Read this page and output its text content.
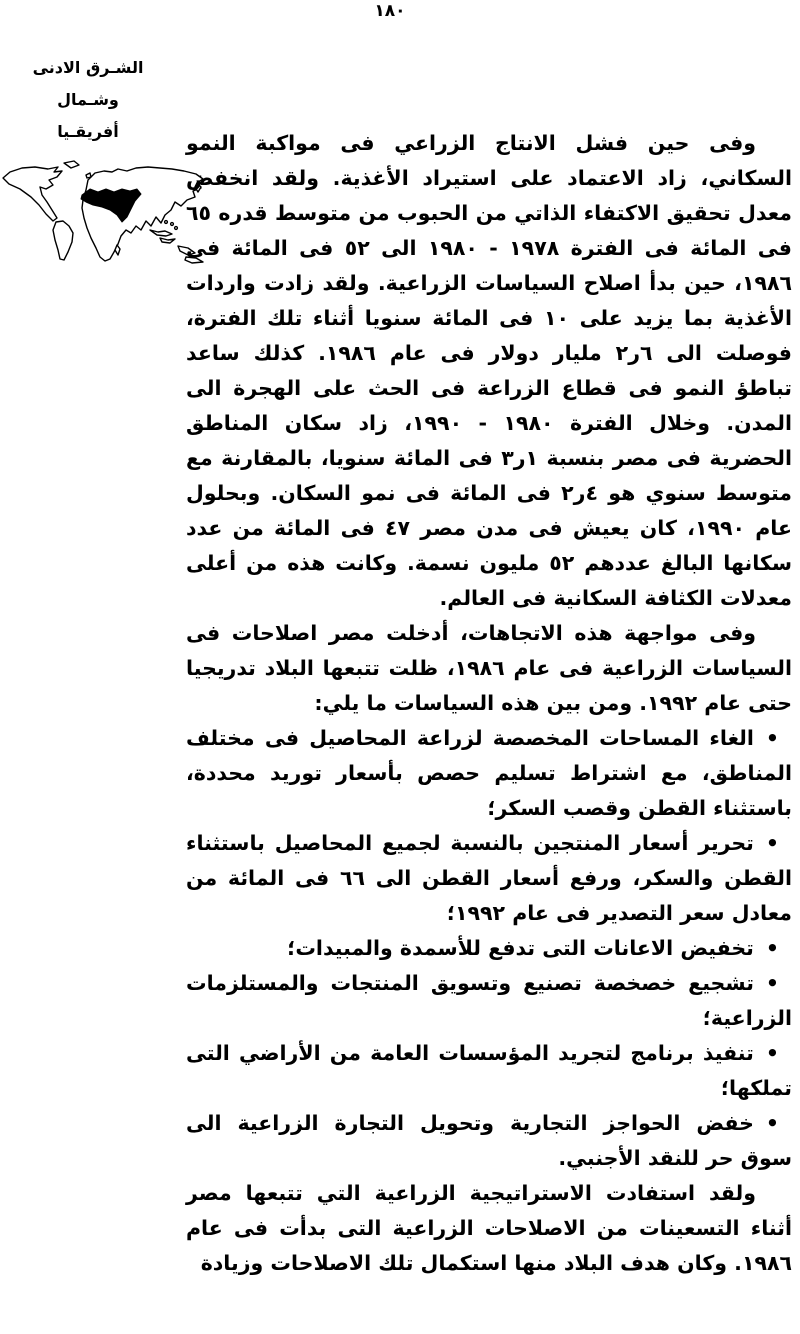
١٨٠
الشـرق الادنى وشـمال
أفريقـيا	وفى حين فشل الانتاج الزراعي فى مواكبة النمو السكاني، زاد الاعتماد على استيراد الأغذية. ولقد انخفض معدل تحقيق الاكتفاء الذاتي من الحبوب من متوسط قدره ٦٥ فى المائة فى الفترة ١٩٧٨ - ١٩٨٠ الى ٥٢ فى المائة فى ١٩٨٦، حين بدأ اصلاح السياسات الزراعية. ولقد زادت واردات الأغذية بما يزيد على ١٠ فى المائة سنويا أثناء تلك الفترة، فوصلت الى ٦ر٢ مليار دولار فى عام ١٩٨٦. كذلك ساعد تباطؤ النمو فى قطاع الزراعة فى الحث على الهجرة الى المدن. وخلال الفترة ١٩٨٠ - ١٩٩٠، زاد سكان المناطق الحضرية فى مصر بنسبة ١ر٣ فى المائة سنويا، بالمقارنة مع متوسط سنوي هو ٤ر٢ فى المائة فى نمو السكان. وبحلول عام ١٩٩٠، كان يعيش فى مدن مصر ٤٧ فى المائة من عدد سكانها البالغ عددهم ٥٢ مليون نسمة. وكانت هذه من أعلى معدلات الكثافة السكانية فى العالم.

وفى مواجهة هذه الاتجاهات، أدخلت مصر اصلاحات فى السياسات الزراعية فى عام ١٩٨٦، ظلت تتبعها البلاد تدريجيا حتى عام ١٩٩٢. ومن بين هذه السياسات ما يلي:

•الغاء المساحات المخصصة لزراعة المحاصيل فى مختلف المناطق، مع اشتراط تسليم حصص بأسعار توريد محددة، باستثناء القطن وقصب السكر؛

•تحرير أسعار المنتجين بالنسبة لجميع المحاصيل باستثناء القطن والسكر، ورفع أسعار القطن الى ٦٦ فى المائة من معادل سعر التصدير فى عام ١٩٩٢؛

•تخفيض الاعانات التى تدفع للأسمدة والمبيدات؛

•تشجيع خصخصة تصنيع وتسويق المنتجات والمستلزمات الزراعية؛

•تنفيذ برنامج لتجريد المؤسسات العامة من الأراضي التى تملكها؛

•خفض الحواجز التجارية وتحويل التجارة الزراعية الى سوق حر للنقد الأجنبي.

ولقد استفادت الاستراتيجية الزراعية التي تتبعها مصر أثناء التسعينات من الاصلاحات الزراعية التى بدأت فى عام ١٩٨٦. وكان هدف البلاد منها استكمال تلك الاصلاحات وزيادة
